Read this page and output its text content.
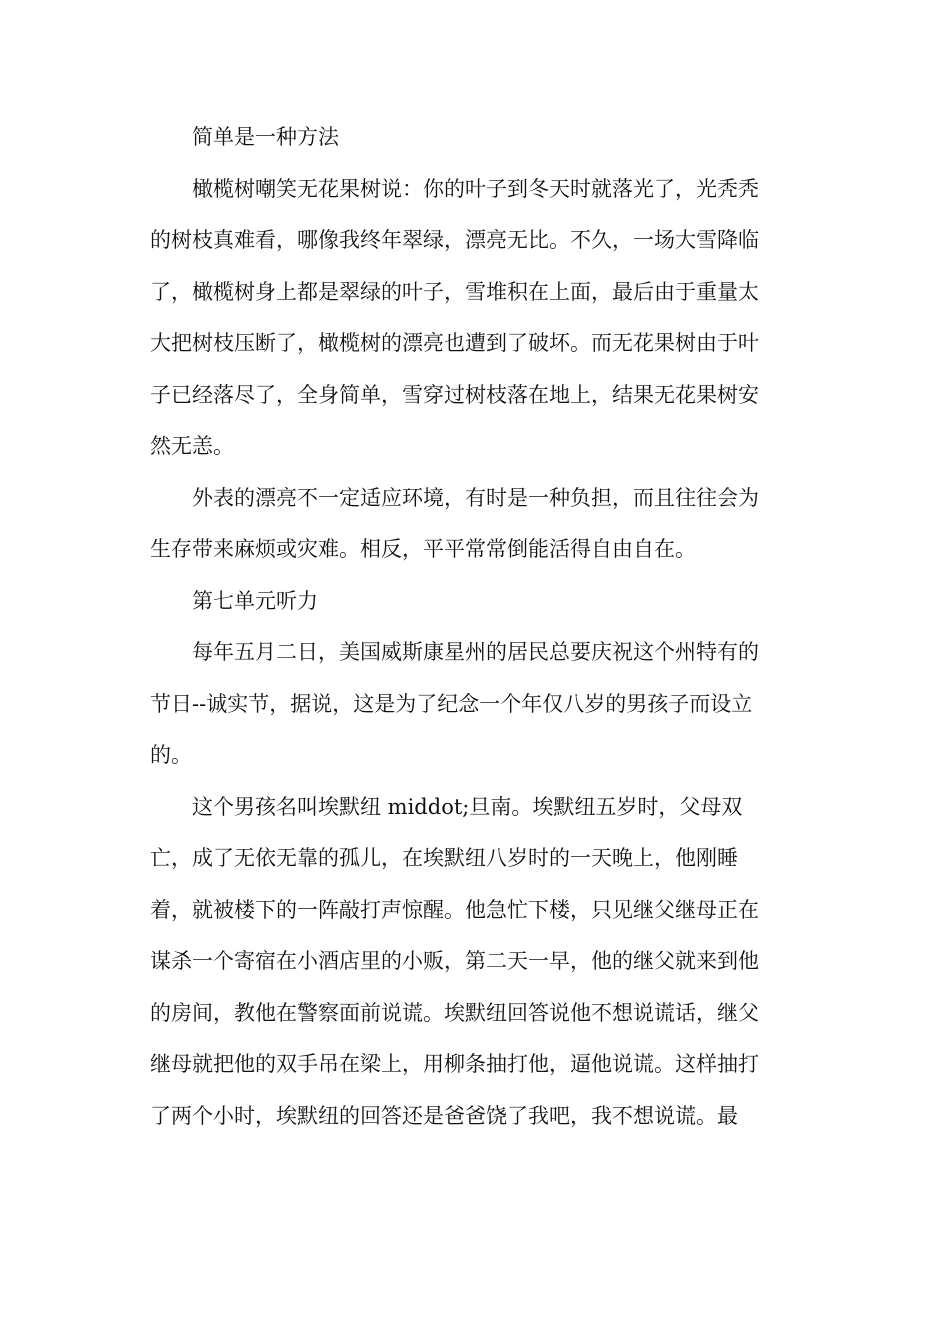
简单是一种方法
橄榄树嘲笑无花果树说：你的叶子到冬天时就落光了，光秃秃
的树枝真难看，哪像我终年翠绿，漂亮无比。不久，一场大雪降临
了，橄榄树身上都是翠绿的叶子，雪堆积在上面，最后由于重量太
大把树枝压断了，橄榄树的漂亮也遭到了破坏。而无花果树由于叶
子已经落尽了，全身简单，雪穿过树枝落在地上，结果无花果树安
然无恙。
外表的漂亮不一定适应环境，有时是一种负担，而且往往会为
生存带来麻烦或灾难。相反，平平常常倒能活得自由自在。
第七单元听力
每年五月二日，美国威斯康星州的居民总要庆祝这个州特有的
节日--诚实节，据说，这是为了纪念一个年仅八岁的男孩子而设立
的。
这个男孩名叫埃默纽 middot;旦南。埃默纽五岁时，父母双
亡，成了无依无靠的孤儿，在埃默纽八岁时的一天晚上，他刚睡
着，就被楼下的一阵敲打声惊醒。他急忙下楼，只见继父继母正在
谋杀一个寄宿在小酒店里的小贩，第二天一早，他的继父就来到他
的房间，教他在警察面前说谎。埃默纽回答说他不想说谎话，继父
继母就把他的双手吊在梁上，用柳条抽打他，逼他说谎。这样抽打
了两个小时，埃默纽的回答还是爸爸饶了我吧，我不想说谎。最
